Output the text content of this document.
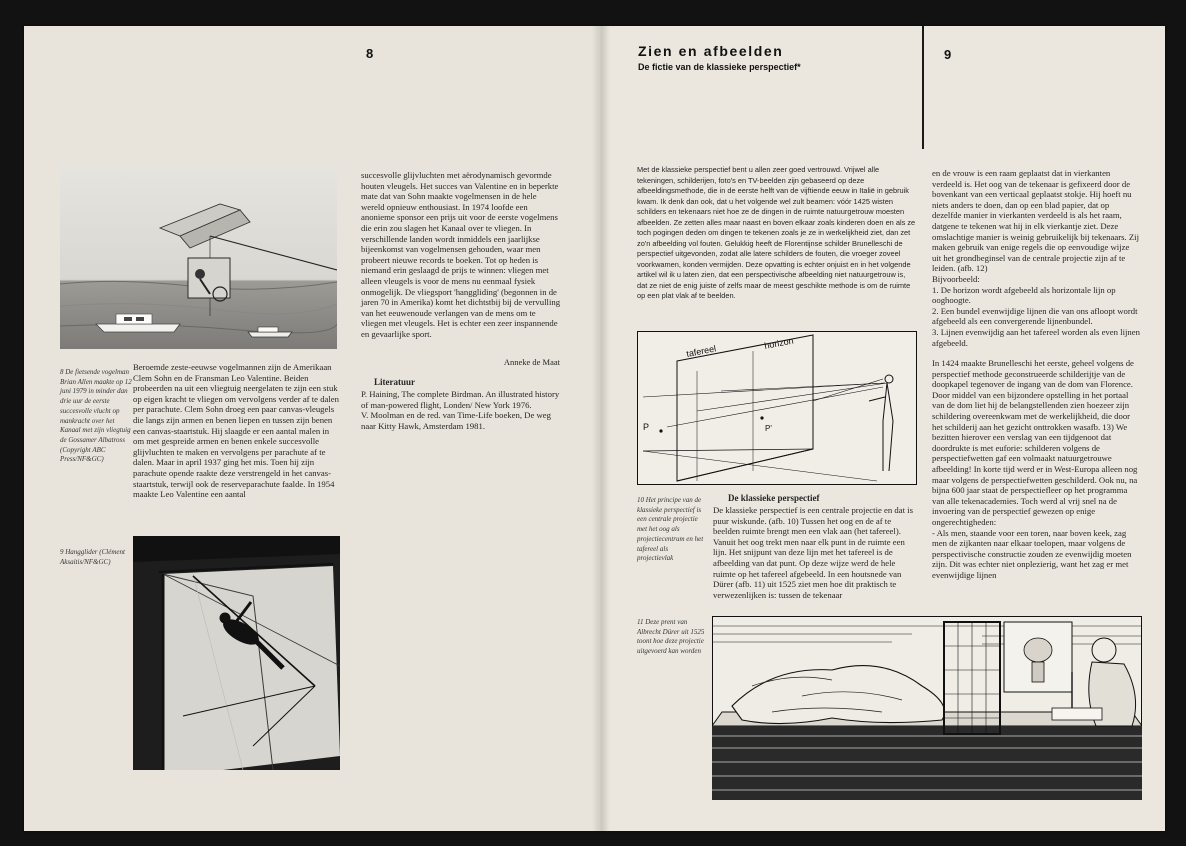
8
8 De fietsende vogelman Brian Allen maakte op 12 juni 1979 in minder dan drie uur de eerste succesvolle vlucht op mankracht over het Kanaal met zijn vliegtuig de Gossamer Albatross (Copyright ABC Press/NF&GC)
Beroemde zeste-eeuwse vogelmannen zijn de Amerikaan Clem Sohn en de Fransman Leo Valentine. Beiden probeerden na uit een vliegtuig neergelaten te zijn een stuk op eigen kracht te vliegen om vervolgens verder af te dalen per parachute. Clem Sohn droeg een paar canvas-vleugels die langs zijn armen en benen liepen en tussen zijn benen een canvas-staartstuk. Hij slaagde er een aantal malen in om met gespreide armen en benen enkele succesvolle glijvluchten te maken en vervolgens per parachute af te dalen. Maar in april 1937 ging het mis. Toen hij zijn parachute opende raakte deze verstrengeld in het canvas-staartstuk, terwijl ook de reserveparachute faalde. In 1954 maakte Leo Valentine een aantal
9 Hangglider (Clément Aksaitis/NF&GC)
succesvolle glijvluchten met aërodynamisch gevormde houten vleugels. Het succes van Valentine en in beperkte mate dat van Sohn maakte vogelmensen in de hele wereld opnieuw enthousiast. In 1974 loofde een anonieme sponsor een prijs uit voor de eerste vogelmens die erin zou slagen het Kanaal over te vliegen. In verschillende landen wordt inmiddels een jaarlijkse bijeenkomst van vogelmensen gehouden, waar men probeert nieuwe records te boeken. Tot op heden is niemand erin geslaagd de prijs te winnen: vliegen met alleen vleugels is voor de mens nu eenmaal fysiek onmogelijk. De vliegsport 'hanggliding' (begonnen in de jaren 70 in Amerika) komt het dichtstbij bij de vervulling van het eeuwenoude verlangen van de mens om te vliegen met vleugels. Het is echter een zeer inspannende en gevaarlijke sport.
Anneke de Maat
Literatuur
P. Haining, The complete Birdman. An illustrated history of man-powered flight, Londen/ New York 1976.
V. Moolman en de red. van Time-Life boeken, De weg naar Kitty Hawk, Amsterdam 1981.
Zien en afbeelden
De fictie van de klassieke perspectief*
9
Met de klassieke perspectief bent u allen zeer goed vertrouwd. Vrijwel alle tekeningen, schilderijen, foto's en TV-beelden zijn gebaseerd op deze afbeeldingsmethode, die in de eerste helft van de vijftiende eeuw in Italië in gebruik kwam. Ik denk dan ook, dat u het volgende wel zult beamen: vóór 1425 wisten schilders en tekenaars niet hoe ze de dingen in de ruimte natuurgetrouw moesten afbeelden. Ze zetten alles maar naast en boven elkaar zoals kinderen doen en als ze toch pogingen deden om dingen te tekenen zoals je ze in werkelijkheid ziet, dan zet zo'n afbeelding vol fouten. Gelukkig heeft de Florentijnse schilder Brunelleschi de perspectief uitgevonden, zodat alle latere schilders de fouten, die vroeger zoveel voorkwamen, konden vermijden. Deze opvatting is echter onjuist en in het volgende artikel wil ik u laten zien, dat een perspectivische afbeelding niet natuurgetrouw is, dat ze niet de enig juiste of zelfs maar de meest geschikte methode is om de ruimte op een plat vlak af te beelden.
P	P'
tafereel
horizon
10 Het principe van de klassieke perspectief is een centrale projectie met het oog als projectiecentrum en het tafereel als projectievlak
De klassieke perspectief
De klassieke perspectief is een centrale projectie en dat is puur wiskunde. (afb. 10) Tussen het oog en de af te beelden ruimte brengt men een vlak aan (het tafereel). Vanuit het oog trekt men naar elk punt in de ruimte een lijn. Het snijpunt van deze lijn met het tafereel is de afbeelding van dat punt. Op deze wijze werd de hele ruimte op het tafereel afgebeeld. In een houtsnede van Dürer (afb. 11) uit 1525 ziet men hoe dit praktisch te verwezenlijken is: tussen de tekenaar

en de vrouw is een raam geplaatst dat in vierkanten verdeeld is. Het oog van de tekenaar is gefixeerd door de bovenkant van een verticaal geplaatst stokje. Hij hoeft nu niets anders te doen, dan op een blad papier, dat op dezelfde manier in vierkanten verdeeld is als het raam, datgene te tekenen wat hij in elk vierkantje ziet. Deze omslachtige manier is weinig gebruikelijk bij tekenaars. Zij maken gebruik van enige regels die op eenvoudige wijze uit het grondbeginsel van de centrale projectie zijn af te leiden. (afb. 12)

Bijvoorbeeld:

1. De horizon wordt afgebeeld als horizontale lijn op ooghoogte.

2. Een bundel evenwijdige lijnen die van ons afloopt wordt afgebeeld als een convergerende lijnenbundel.

3. Lijnen evenwijdig aan het tafereel worden als even lijnen afgebeeld.

In 1424 maakte Brunelleschi het eerste, geheel volgens de perspectief methode geconstrueerde schilderijtje van de doopkapel tegenover de ingang van de dom van Florence. Door middel van een bijzondere opstelling in het portaal van de dom liet hij de belangstellenden zien hoezeer zijn schildering overeenkwam met de werkelijkheid, die door het schilderij aan het gezicht onttrokken wasafb. 13) We bezitten hierover een verslag van een tijdgenoot dat doordrukte is met euforie: schilderen volgens de perspectiefwetten gaf een volmaakt natuurgetrouwe afbeelding! In korte tijd werd er in West-Europa alleen nog maar volgens de perspectiefwetten geschilderd. Ook nu, na bijna 600 jaar staat de perspectiefleer op het programma van alle tekenacademies. Toch werd al vrij snel na de invoering van de perspectief gewezen op enige ongerechtigheden:

- Als men, staande voor een toren, naar boven keek, zag men de zijkanten naar elkaar toelopen, maar volgens de perspectivische constructie zouden ze evenwijdig moeten zijn. Dit was echter niet onplezierig, want het zag er met evenwijdige lijnen

11 Deze prent van Albrecht Dürer uit 1525 toont hoe deze projectie uitgevoerd kan worden
